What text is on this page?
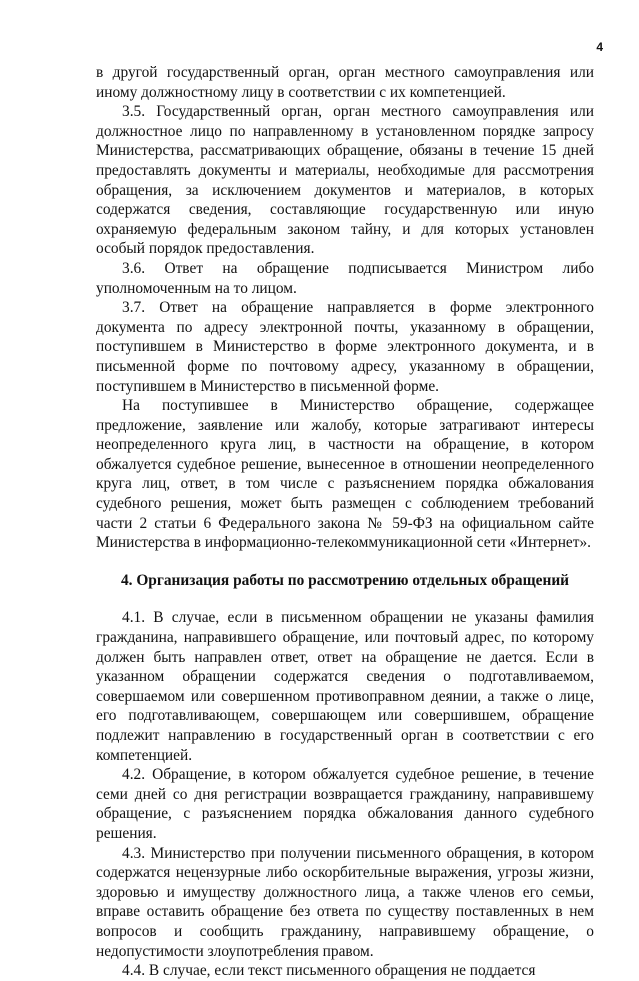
4

в другой государственный орган, орган местного самоуправления или иному должностному лицу в соответствии с их компетенцией.

3.5. Государственный орган, орган местного самоуправления или должностное лицо по направленному в установленном порядке запросу Министерства, рассматривающих обращение, обязаны в течение 15 дней предоставлять документы и материалы, необходимые для рассмотрения обращения, за исключением документов и материалов, в которых содержатся сведения, составляющие государственную или иную охраняемую федеральным законом тайну, и для которых установлен особый порядок предоставления.

3.6. Ответ на обращение подписывается Министром либо уполномоченным на то лицом.

3.7. Ответ на обращение направляется в форме электронного документа по адресу электронной почты, указанному в обращении, поступившем в Министерство в форме электронного документа, и в письменной форме по почтовому адресу, указанному в обращении, поступившем в Министерство в письменной форме.

На поступившее в Министерство обращение, содержащее предложение, заявление или жалобу, которые затрагивают интересы неопределенного круга лиц, в частности на обращение, в котором обжалуется судебное решение, вынесенное в отношении неопределенного круга лиц, ответ, в том числе с разъяснением порядка обжалования судебного решения, может быть размещен с соблюдением требований части 2 статьи 6 Федерального закона № 59-ФЗ на официальном сайте Министерства в информационно-телекоммуникационной сети «Интернет».

4. Организация работы по рассмотрению отдельных обращений

4.1. В случае, если в письменном обращении не указаны фамилия гражданина, направившего обращение, или почтовый адрес, по которому должен быть направлен ответ, ответ на обращение не дается. Если в указанном обращении содержатся сведения о подготавливаемом, совершаемом или совершенном противоправном деянии, а также о лице, его подготавливающем, совершающем или совершившем, обращение подлежит направлению в государственный орган в соответствии с его компетенцией.

4.2. Обращение, в котором обжалуется судебное решение, в течение семи дней со дня регистрации возвращается гражданину, направившему обращение, с разъяснением порядка обжалования данного судебного решения.

4.3. Министерство при получении письменного обращения, в котором содержатся нецензурные либо оскорбительные выражения, угрозы жизни, здоровью и имуществу должностного лица, а также членов его семьи, вправе оставить обращение без ответа по существу поставленных в нем вопросов и сообщить гражданину, направившему обращение, о недопустимости злоупотребления правом.

4.4. В случае, если текст письменного обращения не поддается
